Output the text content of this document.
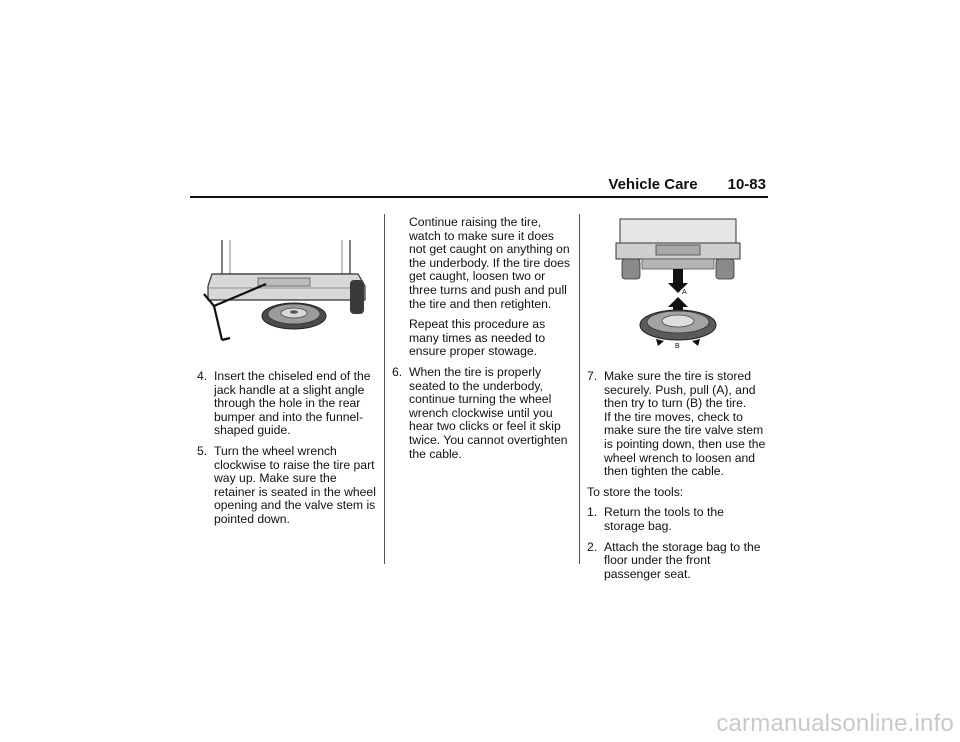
Vehicle Care 10-83
4. Insert the chiseled end of the jack handle at a slight angle through the hole in the rear bumper and into the funnel-shaped guide.
5. Turn the wheel wrench clockwise to raise the tire part way up. Make sure the retainer is seated in the wheel opening and the valve stem is pointed down.

Continue raising the tire, watch to make sure it does not get caught on anything on the underbody. If the tire does get caught, loosen two or three turns and push and pull the tire and then retighten.

Repeat this procedure as many times as needed to ensure proper stowage.

6. When the tire is properly seated to the underbody, continue turning the wheel wrench clockwise until you hear two clicks or feel it skip twice. You cannot overtighten the cable.
A
B
7. Make sure the tire is stored securely. Push, pull (A), and then try to turn (B) the tire.

If the tire moves, check to make sure the tire valve stem is pointing down, then use the wheel wrench to loosen and then tighten the cable.

To store the tools:

1. Return the tools to the storage bag.
2. Attach the storage bag to the floor under the front passenger seat.
carmanualsonline.info
